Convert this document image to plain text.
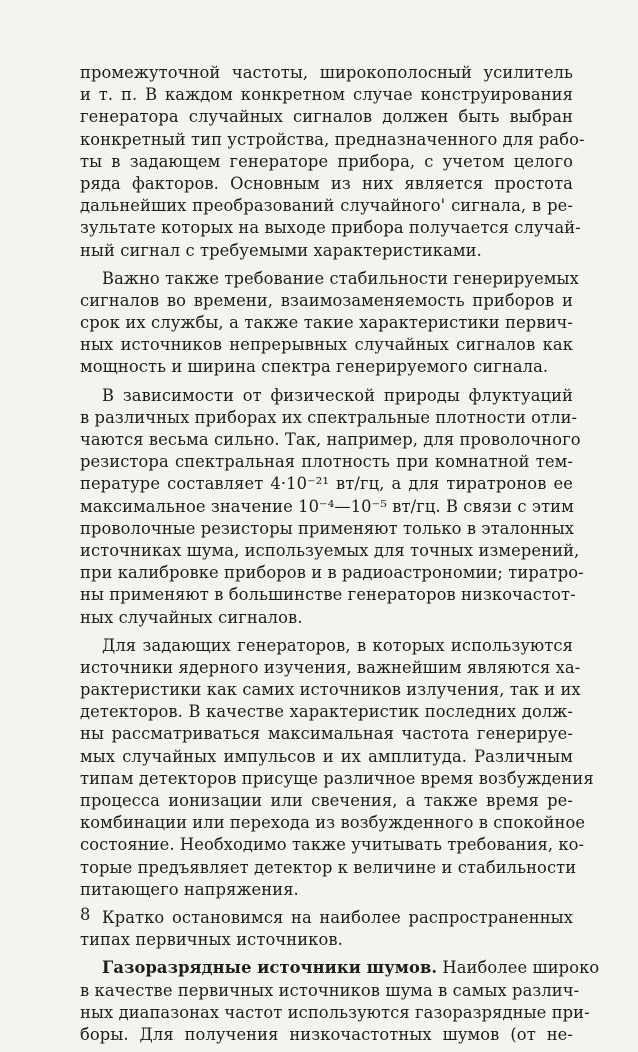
промежуточной частоты, широкополосный усилитель
и т. п. В каждом конкретном случае конструирования
генератора случайных сигналов должен быть выбран
конкретный тип устройства, предназначенного для рабо-
ты в задающем генераторе прибора, с учетом целого
ряда факторов. Основным из них является простота
дальнейших преобразований случайного' сигнала, в ре-
зультате которых на выходе прибора получается случай-
ный сигнал с требуемыми характеристиками.
Важно также требование стабильности генерируемых
сигналов во времени, взаимозаменяемость приборов и
срок их службы, а также такие характеристики первич-
ных источников непрерывных случайных сигналов как
мощность и ширина спектра генерируемого сигнала.
В зависимости от физической природы флуктуаций
в различных приборах их спектральные плотности отли-
чаются весьма сильно. Так, например, для проволочного
резистора спектральная плотность при комнатной тем-
пературе составляет 4·10⁻²¹ вт/гц, а для тиратронов ее
максимальное значение 10⁻⁴—10⁻⁵ вт/гц. В связи с этим
проволочные резисторы применяют только в эталонных
источниках шума, используемых для точных измерений,
при калибровке приборов и в радиоастрономии; тиратро-
ны применяют в большинстве генераторов низкочастот-
ных случайных сигналов.
Для задающих генераторов, в которых используются
источники ядерного изучения, важнейшим являются ха-
рактеристики как самих источников излучения, так и их
детекторов. В качестве характеристик последних долж-
ны рассматриваться максимальная частота генерируе-
мых случайных импульсов и их амплитуда. Различным
типам детекторов присуще различное время возбуждения
процесса ионизации или свечения, а также время ре-
комбинации или перехода из возбужденного в спокойное
состояние. Необходимо также учитывать требования, ко-
торые предъявляет детектор к величине и стабильности
питающего напряжения.
Кратко остановимся на наиболее распространенных
типах первичных источников.
Газоразрядные источники шумов. Наиболее широко
в качестве первичных источников шума в самых различ-
ных диапазонах частот используются газоразрядные при-
боры. Для получения низкочастотных шумов (от не-
8
